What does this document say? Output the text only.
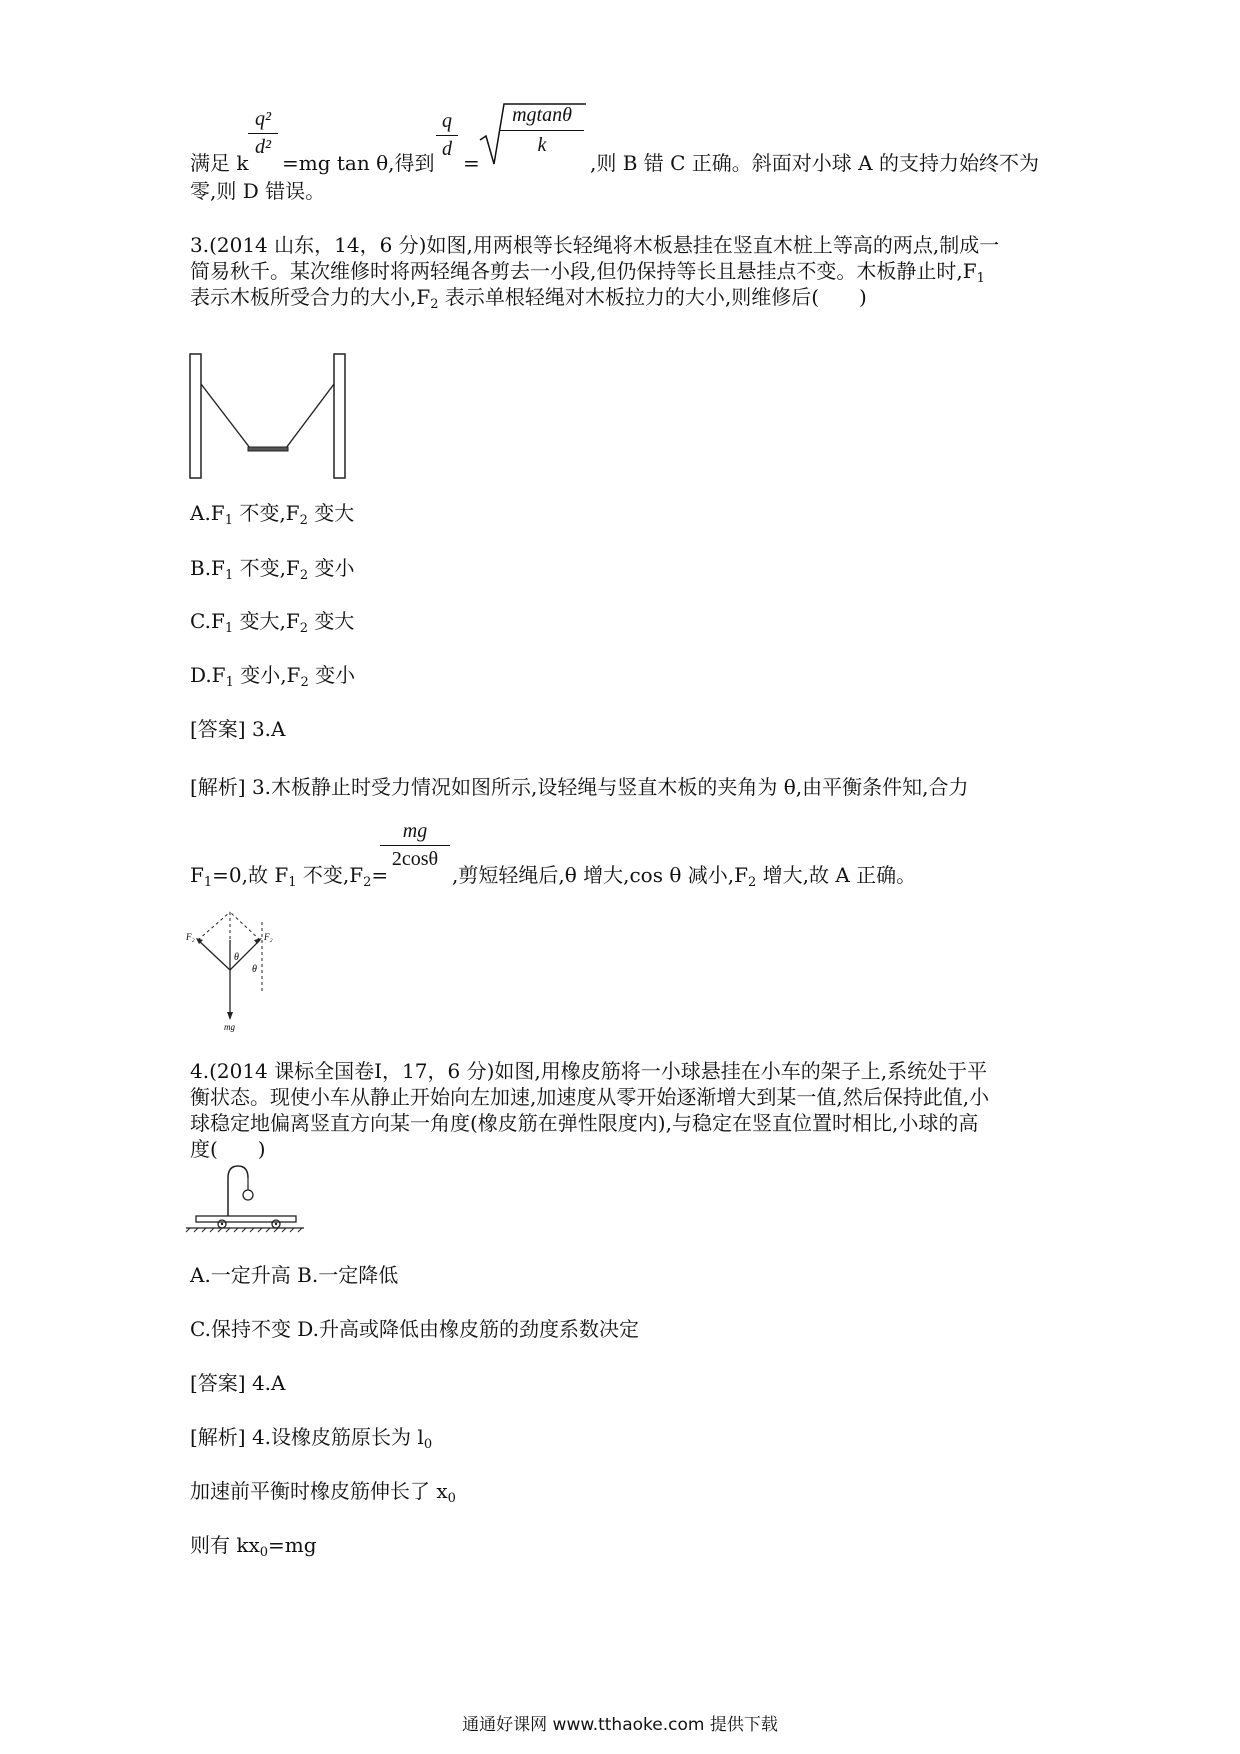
满足 k
q²
d²
=mg tan θ,得到
q
d
=
mgtanθ
k
,则 B 错 C 正确。斜面对小球 A 的支持力始终不为
零,则 D 错误。
3.(2014 山东，14，6 分)如图,用两根等长轻绳将木板悬挂在竖直木桩上等高的两点,制成一
简易秋千。某次维修时将两轻绳各剪去一小段,但仍保持等长且悬挂点不变。木板静止时$,F_1$
表示木板所受合力的大小$,F_2$ 表示单根轻绳对木板拉力的大小,则维修后(　　)
$A.F_1$ 不变$,F_2$ 变大
$B.F_1$ 不变$,F_2$ 变小
$C.F_1$ 变大$,F_2$ 变大
$D.F_1$ 变小$,F_2$ 变小
[答案] 3.A
[解析] 3.木板静止时受力情况如图所示,设轻绳与竖直木板的夹角为 θ,由平衡条件知,合力
$F_1=0$,故 $F_1$ 不变$,F_2=$
mg
2cosθ
,剪短轻绳后,θ 增大,cos θ 减小$,F_2$ 增大,故 A 正确。
F₂	F₂
θ
θ
mg
4.(2014 课标全国卷Ⅰ，17，6 分)如图,用橡皮筋将一小球悬挂在小车的架子上,系统处于平
衡状态。现使小车从静止开始向左加速,加速度从零开始逐渐增大到某一值,然后保持此值,小
球稳定地偏离竖直方向某一角度(橡皮筋在弹性限度内),与稳定在竖直位置时相比,小球的高
度(　　)
A.一定升高 B.一定降低
C.保持不变 D.升高或降低由橡皮筋的劲度系数决定
[答案] 4.A
[解析] 4.设橡皮筋原长为 $l_0$
加速前平衡时橡皮筋伸长了 $x_0$
则有 $kx_0=mg$
通通好课网 www.tthaoke.com 提供下载
